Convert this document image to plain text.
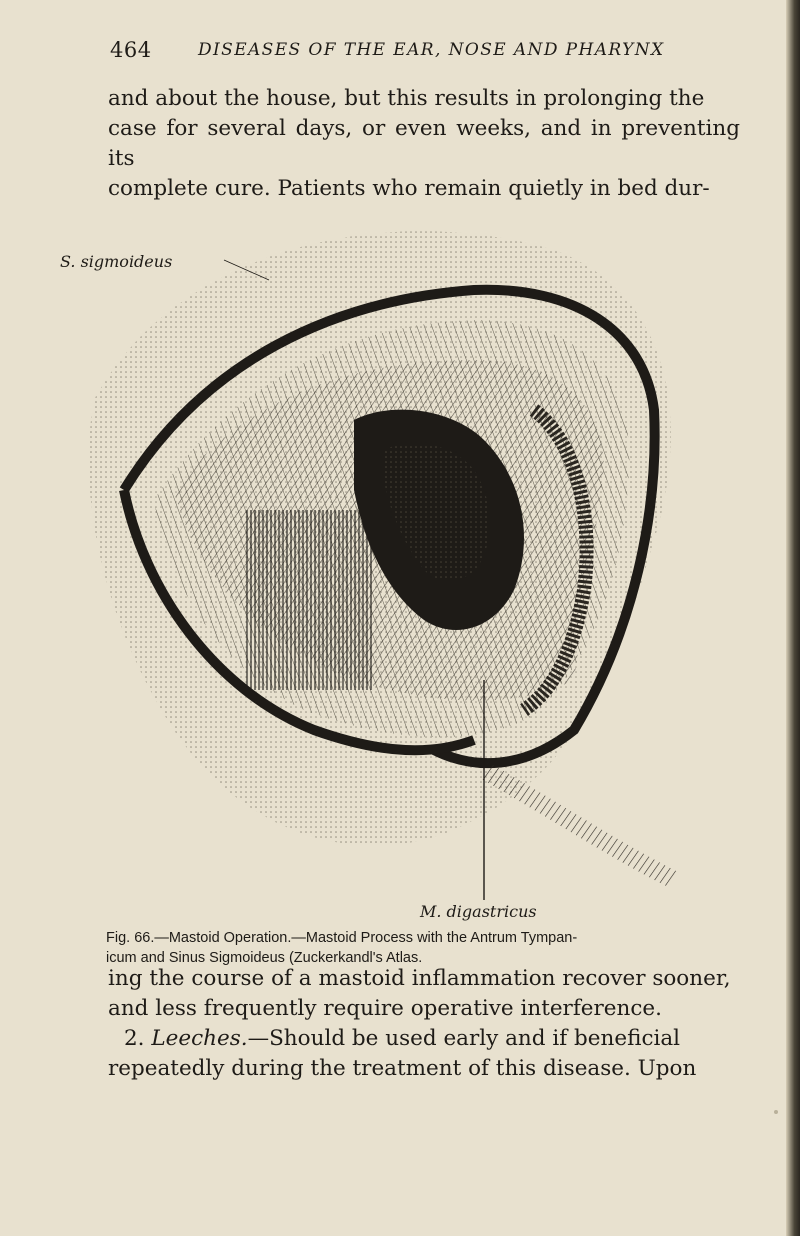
464	DISEASES OF THE EAR, NOSE AND PHARYNX

and about the house, but this results in prolonging the

case for several days, or even weeks, and in preventing its

complete cure. Patients who remain quietly in bed dur-

S. sigmoideus
M. digastricus
Fig. 66.—Mastoid Operation.—Mastoid Process with the Antrum Tympan-
icum and Sinus Sigmoideus (Zuckerkandl's Atlas.

ing the course of a mastoid inflammation recover sooner,

and less frequently require operative interference.

2. Leeches.—Should be used early and if beneficial

repeatedly during the treatment of this disease. Upon
